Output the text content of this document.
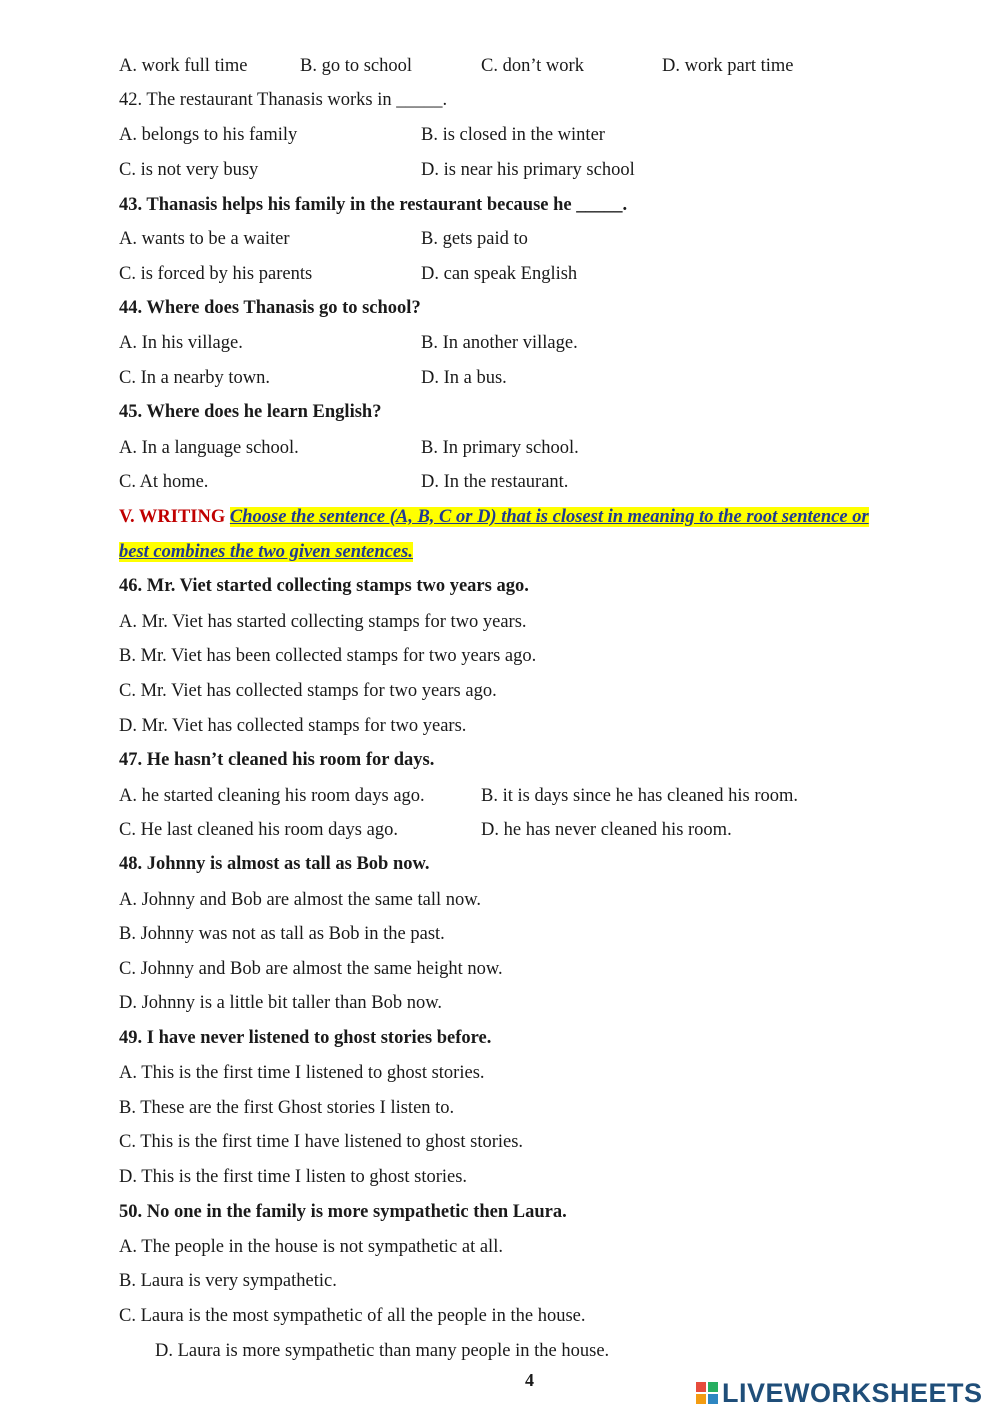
A. work full time	B. go to school	C. don’t work	D. work part time
42. The restaurant Thanasis works in _____.
A. belongs to his family	B. is closed in the winter
C. is not very busy	D. is near his primary school
43. Thanasis helps his family in the restaurant because he _____.
A. wants to be a waiter	B. gets paid to
C. is forced by his parents	D. can speak English
44. Where does Thanasis go to school?
A. In his village.	B. In another village.
C. In a nearby town.	D. In a bus.
45. Where does he learn English?
A. In a language school.	B. In primary school.
C. At home.	D. In the restaurant.
V. WRITING Choose the sentence (A, B, C or D) that is closest in meaning to the root sentence or
best combines the two given sentences.
46. Mr. Viet started collecting stamps two years ago.
A. Mr. Viet has started collecting stamps for two years.
B. Mr. Viet has been collected stamps for two years ago.
C. Mr. Viet has collected stamps for two years ago.
D. Mr. Viet has collected stamps for two years.
47. He hasn’t cleaned his room for days.
A. he started cleaning his room days ago.	B. it is days since he has cleaned his room.
C. He last cleaned his room days ago.	D. he has never cleaned his room.
48. Johnny is almost as tall as Bob now.
A. Johnny and Bob are almost the same tall now.
B. Johnny was not as tall as Bob in the past.
C. Johnny and Bob are almost the same height now.
D. Johnny is a little bit taller than Bob now.
49. I have never listened to ghost stories before.
A. This is the first time I listened to ghost stories.
B. These are the first Ghost stories I listen to.
C. This is the first time I have listened to ghost stories.
D. This is the first time I listen to ghost stories.
50. No one in the family is more sympathetic then Laura.
A. The people in the house is not sympathetic at all.
B. Laura is very sympathetic.
C. Laura is the most sympathetic of all the people in the house.
D. Laura is more sympathetic than many people in the house.
4	LIVEWORKSHEETS
